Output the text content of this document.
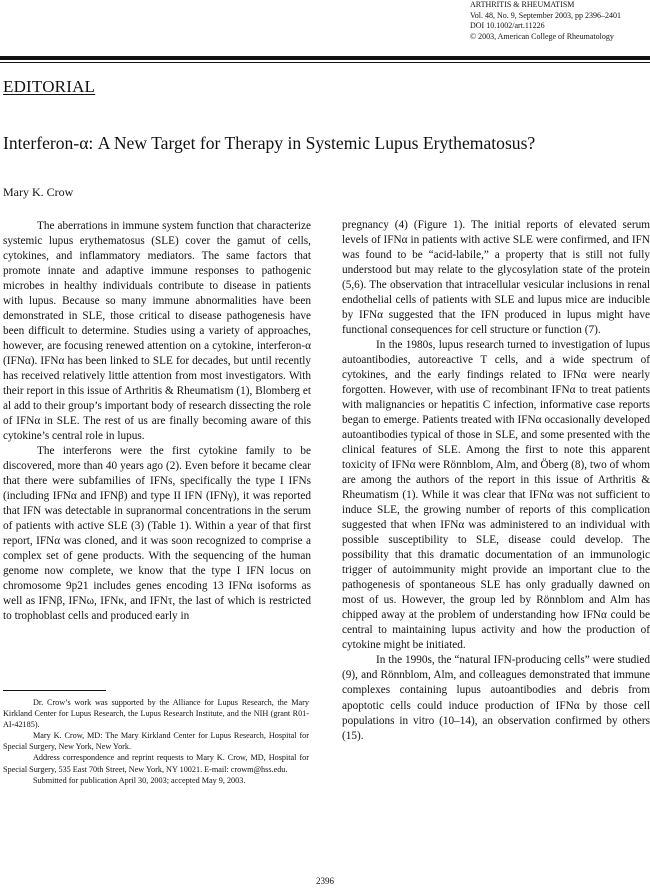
ARTHRITIS & RHEUMATISM
Vol. 48, No. 9, September 2003, pp 2396–2401
DOI 10.1002/art.11226
© 2003, American College of Rheumatology
EDITORIAL
Interferon-α: A New Target for Therapy in Systemic Lupus Erythematosus?
Mary K. Crow

The aberrations in immune system function that characterize systemic lupus erythematosus (SLE) cover the gamut of cells, cytokines, and inflammatory mediators. The same factors that promote innate and adaptive immune responses to pathogenic microbes in healthy individuals contribute to disease in patients with lupus. Because so many immune abnormalities have been demonstrated in SLE, those critical to disease pathogenesis have been difficult to determine. Studies using a variety of approaches, however, are focusing renewed attention on a cytokine, interferon-α (IFNα). IFNα has been linked to SLE for decades, but until recently has received relatively little attention from most investigators. With their report in this issue of Arthritis & Rheumatism (1), Blomberg et al add to their group’s important body of research dissecting the role of IFNα in SLE. The rest of us are finally becoming aware of this cytokine’s central role in lupus.

The interferons were the first cytokine family to be discovered, more than 40 years ago (2). Even before it became clear that there were subfamilies of IFNs, specifically the type I IFNs (including IFNα and IFNβ) and type II IFN (IFNγ), it was reported that IFN was detectable in supranormal concentrations in the serum of patients with active SLE (3) (Table 1). Within a year of that first report, IFNα was cloned, and it was soon recognized to comprise a complex set of gene products. With the sequencing of the human genome now complete, we know that the type I IFN locus on chromosome 9p21 includes genes encoding 13 IFNα isoforms as well as IFNβ, IFNω, IFNκ, and IFNτ, the last of which is restricted to trophoblast cells and produced early in

pregnancy (4) (Figure 1). The initial reports of elevated serum levels of IFNα in patients with active SLE were confirmed, and IFN was found to be “acid-labile,” a property that is still not fully understood but may relate to the glycosylation state of the protein (5,6). The observation that intracellular vesicular inclusions in renal endothelial cells of patients with SLE and lupus mice are inducible by IFNα suggested that the IFN produced in lupus might have functional consequences for cell structure or function (7).

In the 1980s, lupus research turned to investigation of lupus autoantibodies, autoreactive T cells, and a wide spectrum of cytokines, and the early findings related to IFNα were nearly forgotten. However, with use of recombinant IFNα to treat patients with malignancies or hepatitis C infection, informative case reports began to emerge. Patients treated with IFNα occasionally developed autoantibodies typical of those in SLE, and some presented with the clinical features of SLE. Among the first to note this apparent toxicity of IFNα were Rönnblom, Alm, and Öberg (8), two of whom are among the authors of the report in this issue of Arthritis & Rheumatism (1). While it was clear that IFNα was not sufficient to induce SLE, the growing number of reports of this complication suggested that when IFNα was administered to an individual with possible susceptibility to SLE, disease could develop. The possibility that this dramatic documentation of an immunologic trigger of autoimmunity might provide an important clue to the pathogenesis of spontaneous SLE has only gradually dawned on most of us. However, the group led by Rönnblom and Alm has chipped away at the problem of understanding how IFNα could be central to maintaining lupus activity and how the production of cytokine might be initiated.

In the 1990s, the “natural IFN-producing cells” were studied (9), and Rönnblom, Alm, and colleagues demonstrated that immune complexes containing lupus autoantibodies and debris from apoptotic cells could induce production of IFNα by those cell populations in vitro (10–14), an observation confirmed by others (15).

Dr. Crow’s work was supported by the Alliance for Lupus Research, the Mary Kirkland Center for Lupus Research, the Lupus Research Institute, and the NIH (grant R01-AI-42185).

Mary K. Crow, MD: The Mary Kirkland Center for Lupus Research, Hospital for Special Surgery, New York, New York.

Address correspondence and reprint requests to Mary K. Crow, MD, Hospital for Special Surgery, 535 East 70th Street, New York, NY 10021. E-mail: crowm@hss.edu.

Submitted for publication April 30, 2003; accepted May 9, 2003.

2396
